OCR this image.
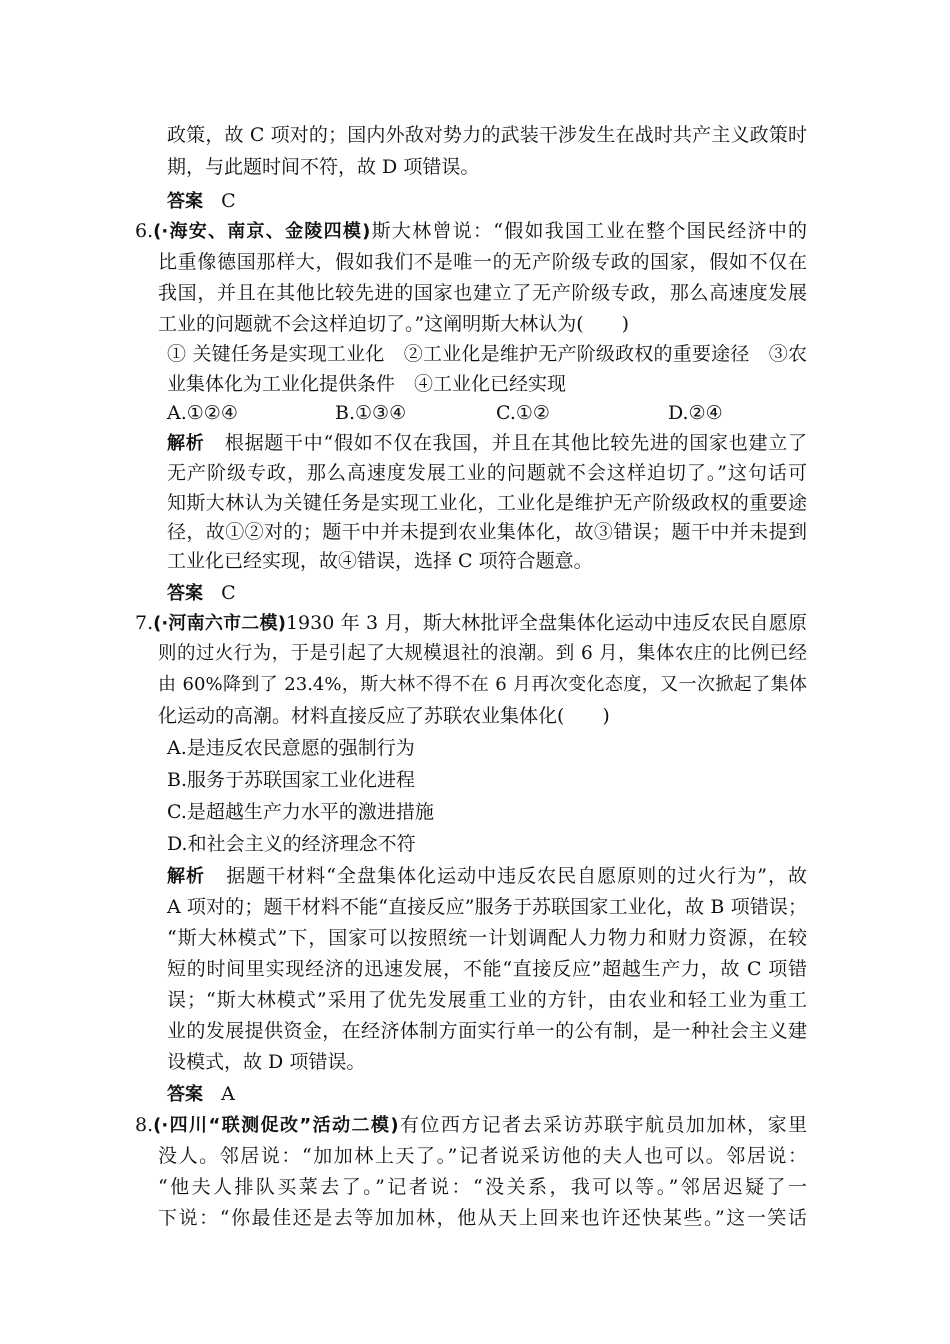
政策，故 C 项对的；国内外敌对势力的武装干涉发生在战时共产主义政策时
期，与此题时间不符，故 D 项错误。
答案 C
6.(·海安、南京、金陵四模)斯大林曾说：“假如我国工业在整个国民经济中的
比重像德国那样大，假如我们不是唯一的无产阶级专政的国家，假如不仅在
我国，并且在其他比较先进的国家也建立了无产阶级专政，那么高速度发展
工业的问题就不会这样迫切了。”这阐明斯大林认为(　　)
① 关键任务是实现工业化　②工业化是维护无产阶级政权的重要途径　③农
业集体化为工业化提供条件　④工业化已经实现
A.①②④	B.①③④	C.①②	D.②④
解析 根据题干中“假如不仅在我国，并且在其他比较先进的国家也建立了
无产阶级专政，那么高速度发展工业的问题就不会这样迫切了。”这句话可
知斯大林认为关键任务是实现工业化，工业化是维护无产阶级政权的重要途
径，故①②对的；题干中并未提到农业集体化，故③错误；题干中并未提到
工业化已经实现，故④错误，选择 C 项符合题意。
答案 C
7.(·河南六市二模)1930 年 3 月，斯大林批评全盘集体化运动中违反农民自愿原
则的过火行为，于是引起了大规模退社的浪潮。到 6 月，集体农庄的比例已经
由 60%降到了 23.4%，斯大林不得不在 6 月再次变化态度，又一次掀起了集体
化运动的高潮。材料直接反应了苏联农业集体化(　　)
A.是违反农民意愿的强制行为
B.服务于苏联国家工业化进程
C.是超越生产力水平的激进措施
D.和社会主义的经济理念不符
解析 据题干材料“全盘集体化运动中违反农民自愿原则的过火行为”，故
A 项对的；题干材料不能“直接反应”服务于苏联国家工业化，故 B 项错误；
“斯大林模式”下，国家可以按照统一计划调配人力物力和财力资源，在较
短的时间里实现经济的迅速发展，不能“直接反应”超越生产力，故 C 项错
误；“斯大林模式”采用了优先发展重工业的方针，由农业和轻工业为重工
业的发展提供资金，在经济体制方面实行单一的公有制，是一种社会主义建
设模式，故 D 项错误。
答案 A
8.(·四川“联测促改”活动二模)有位西方记者去采访苏联宇航员加加林，家里
没人。邻居说：“加加林上天了。”记者说采访他的夫人也可以。邻居说：
“他夫人排队买菜去了。”记者说：“没关系，我可以等。”邻居迟疑了一
下说：“你最佳还是去等加加林，他从天上回来也许还快某些。”这一笑话
